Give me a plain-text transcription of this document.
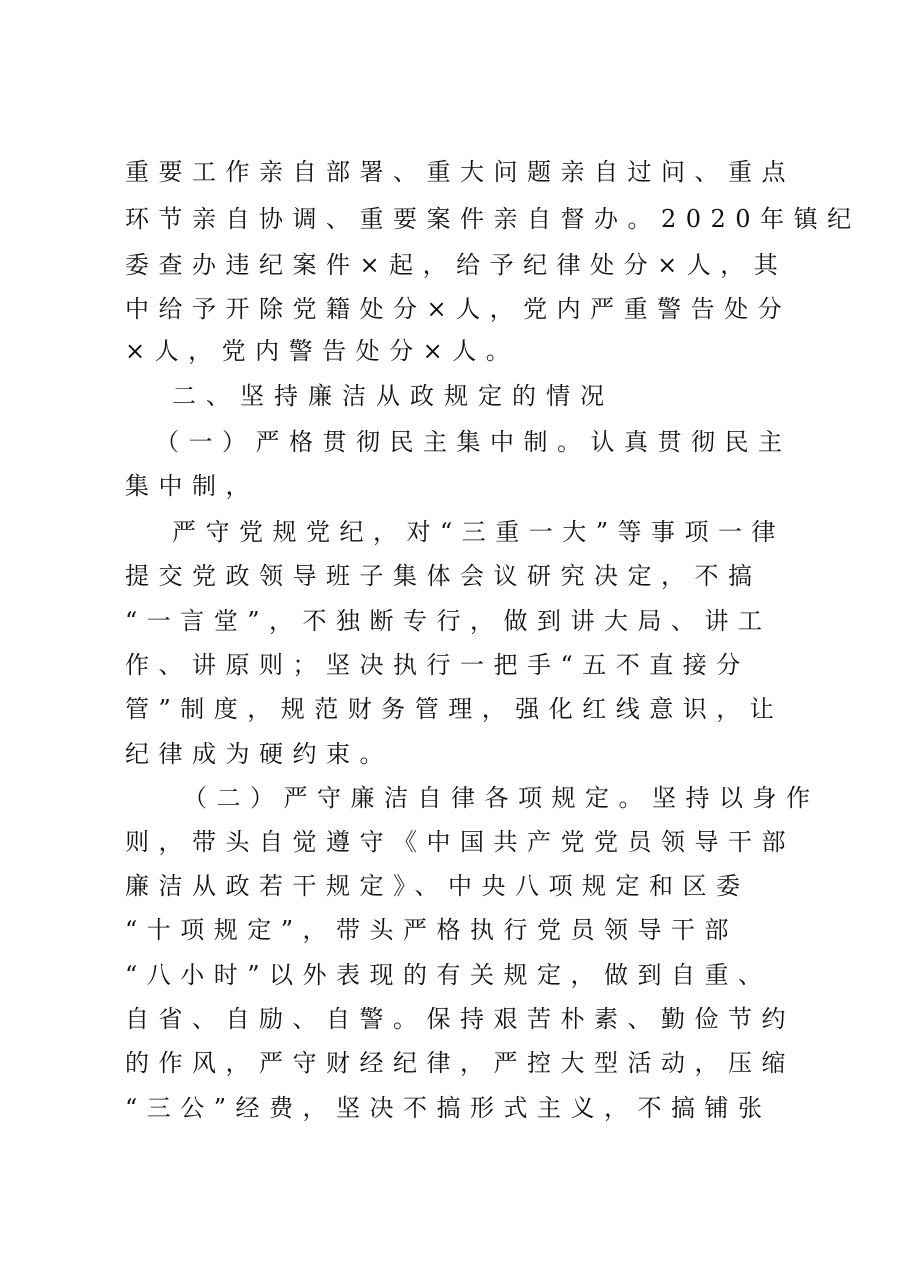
重要工作亲自部署、重大问题亲自过问、重点
环节亲自协调、重要案件亲自督办。2020年镇纪
委查办违纪案件×起，给予纪律处分×人，其
中给予开除党籍处分×人，党内严重警告处分
×人，党内警告处分×人。
二、坚持廉洁从政规定的情况
（一）严格贯彻民主集中制。认真贯彻民主
集中制，
严守党规党纪，对“三重一大”等事项一律
提交党政领导班子集体会议研究决定，不搞
“一言堂”，不独断专行，做到讲大局、讲工
作、讲原则；坚决执行一把手“五不直接分
管”制度，规范财务管理，强化红线意识，让
纪律成为硬约束。
（二）严守廉洁自律各项规定。坚持以身作
则，带头自觉遵守《中国共产党党员领导干部
廉洁从政若干规定》、中央八项规定和区委
“十项规定”，带头严格执行党员领导干部
“八小时”以外表现的有关规定，做到自重、
自省、自励、自警。保持艰苦朴素、勤俭节约
的作风，严守财经纪律，严控大型活动，压缩
“三公”经费，坚决不搞形式主义，不搞铺张
